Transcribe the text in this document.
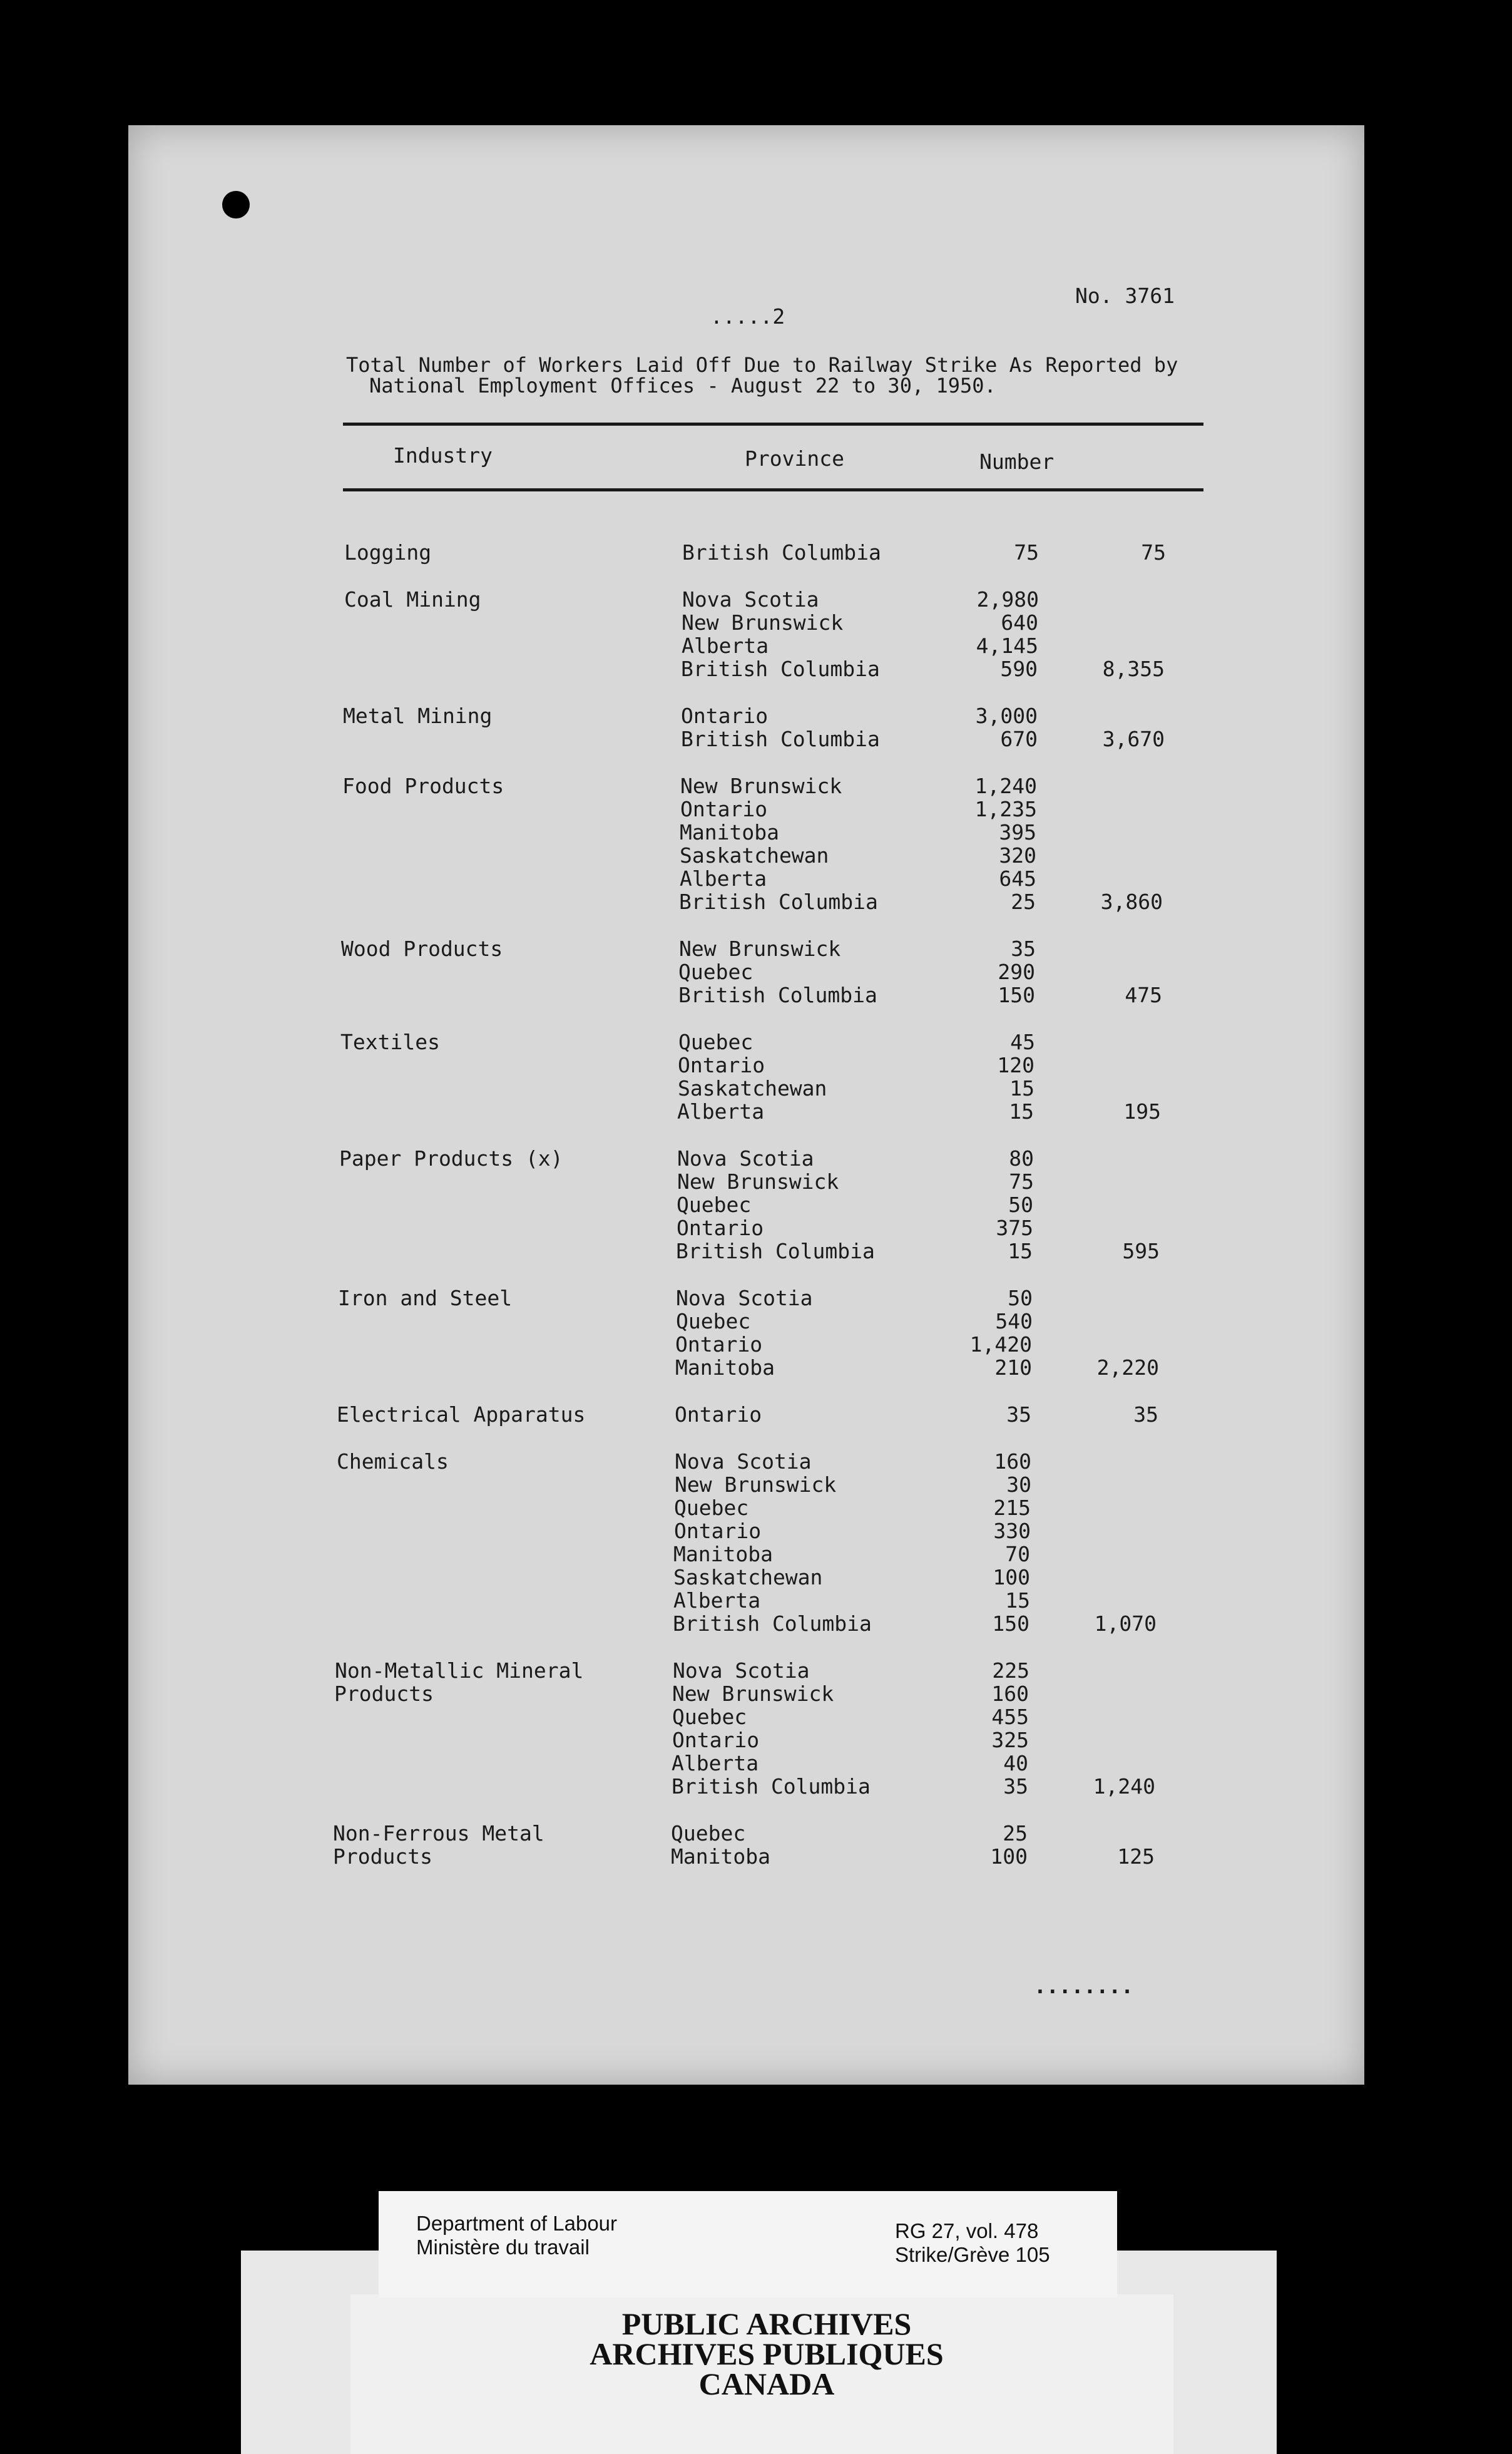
.....2
No. 3761
Total Number of Workers Laid Off Due to Railway Strike As Reported by
National Employment Offices - August 22 to 30, 1950.
Industry	Province	Number
Logging	British Columbia	75	75
Coal Mining	Nova Scotia	2,980
New Brunswick	640
Alberta	4,145
British Columbia	590	8,355
Metal Mining	Ontario	3,000
British Columbia	670	3,670
Food Products	New Brunswick	1,240
Ontario	1,235
Manitoba	395
Saskatchewan	320
Alberta	645
British Columbia	25	3,860
Wood Products	New Brunswick	35
Quebec	290
British Columbia	150	475
Textiles	Quebec	45
Ontario	120
Saskatchewan	15
Alberta	15	195
Paper Products (x)	Nova Scotia	80
New Brunswick	75
Quebec	50
Ontario	375
British Columbia	15	595
Iron and Steel	Nova Scotia	50
Quebec	540
Ontario	1,420
Manitoba	210	2,220
Electrical Apparatus	Ontario	35	35
Chemicals	Nova Scotia	160
New Brunswick	30
Quebec	215
Ontario	330
Manitoba	70
Saskatchewan	100
Alberta	15
British Columbia	150	1,070
Non-Metallic Mineral	Nova Scotia	225
Products	New Brunswick	160
Quebec	455
Ontario	325
Alberta	40
British Columbia	35	1,240
Non-Ferrous Metal	Quebec	25
Products	Manitoba	100	125
........
Department of Labour
Ministère du travail
RG 27, vol. 478
Strike/Grève 105
PUBLIC ARCHIVES
ARCHIVES PUBLIQUES
CANADA
